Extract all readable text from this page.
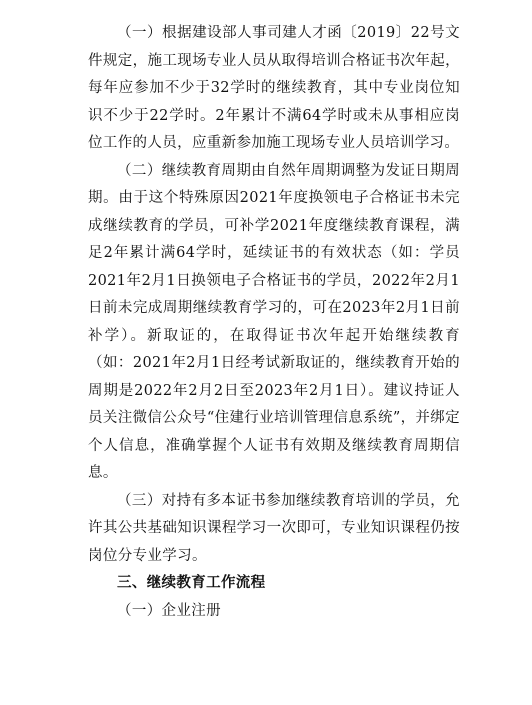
（一）根据建设部人事司建人才函〔2019〕22号文件规定，施工现场专业人员从取得培训合格证书次年起，每年应参加不少于32学时的继续教育，其中专业岗位知识不少于22学时。2年累计不满64学时或未从事相应岗位工作的人员，应重新参加施工现场专业人员培训学习。

（二）继续教育周期由自然年周期调整为发证日期周期。由于这个特殊原因2021年度换领电子合格证书未完成继续教育的学员，可补学2021年度继续教育课程，满足2年累计满64学时，延续证书的有效状态（如：学员2021年2月1日换领电子合格证书的学员，2022年2月1日前未完成周期继续教育学习的，可在2023年2月1日前补学）。新取证的，在取得证书次年起开始继续教育（如：2021年2月1日经考试新取证的，继续教育开始的周期是2022年2月2日至2023年2月1日）。建议持证人员关注微信公众号“住建行业培训管理信息系统”，并绑定个人信息，准确掌握个人证书有效期及继续教育周期信息。

（三）对持有多本证书参加继续教育培训的学员，允许其公共基础知识课程学习一次即可，专业知识课程仍按岗位分专业学习。

三、继续教育工作流程

（一）企业注册
